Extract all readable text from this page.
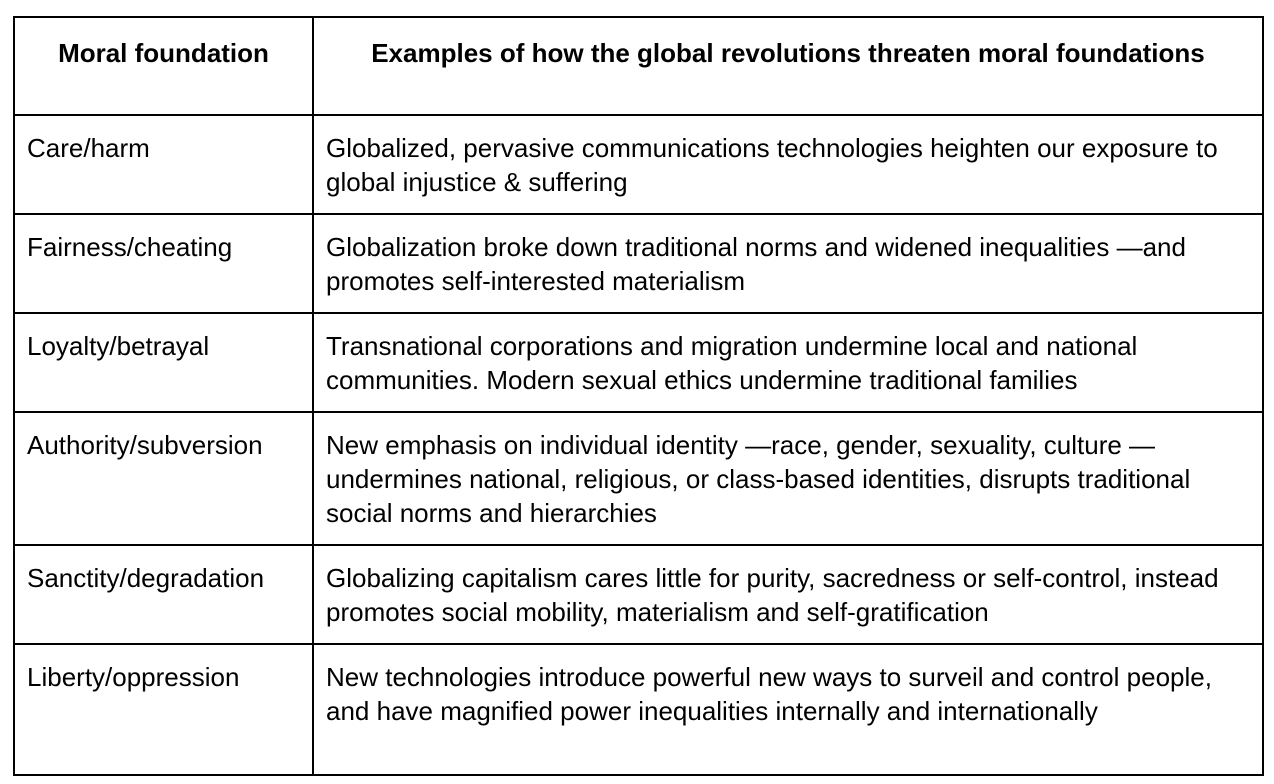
Moral foundation	Examples of how the global revolutions threaten moral foundations
Care/harm	Globalized, pervasive communications technologies heighten our exposure to global injustice & suffering
Fairness/cheating	Globalization broke down traditional norms and widened inequalities —and promotes self-interested materialism
Loyalty/betrayal	Transnational corporations and migration undermine local and national communities. Modern sexual ethics undermine traditional families
Authority/subversion	New emphasis on individual identity —race, gender, sexuality, culture —undermines national, religious, or class-based identities, disrupts traditional social norms and hierarchies
Sanctity/degradation	Globalizing capitalism cares little for purity, sacredness or self-control, instead promotes social mobility, materialism and self-gratification
Liberty/oppression	New technologies introduce powerful new ways to surveil and control people, and have magnified power inequalities internally and internationally
